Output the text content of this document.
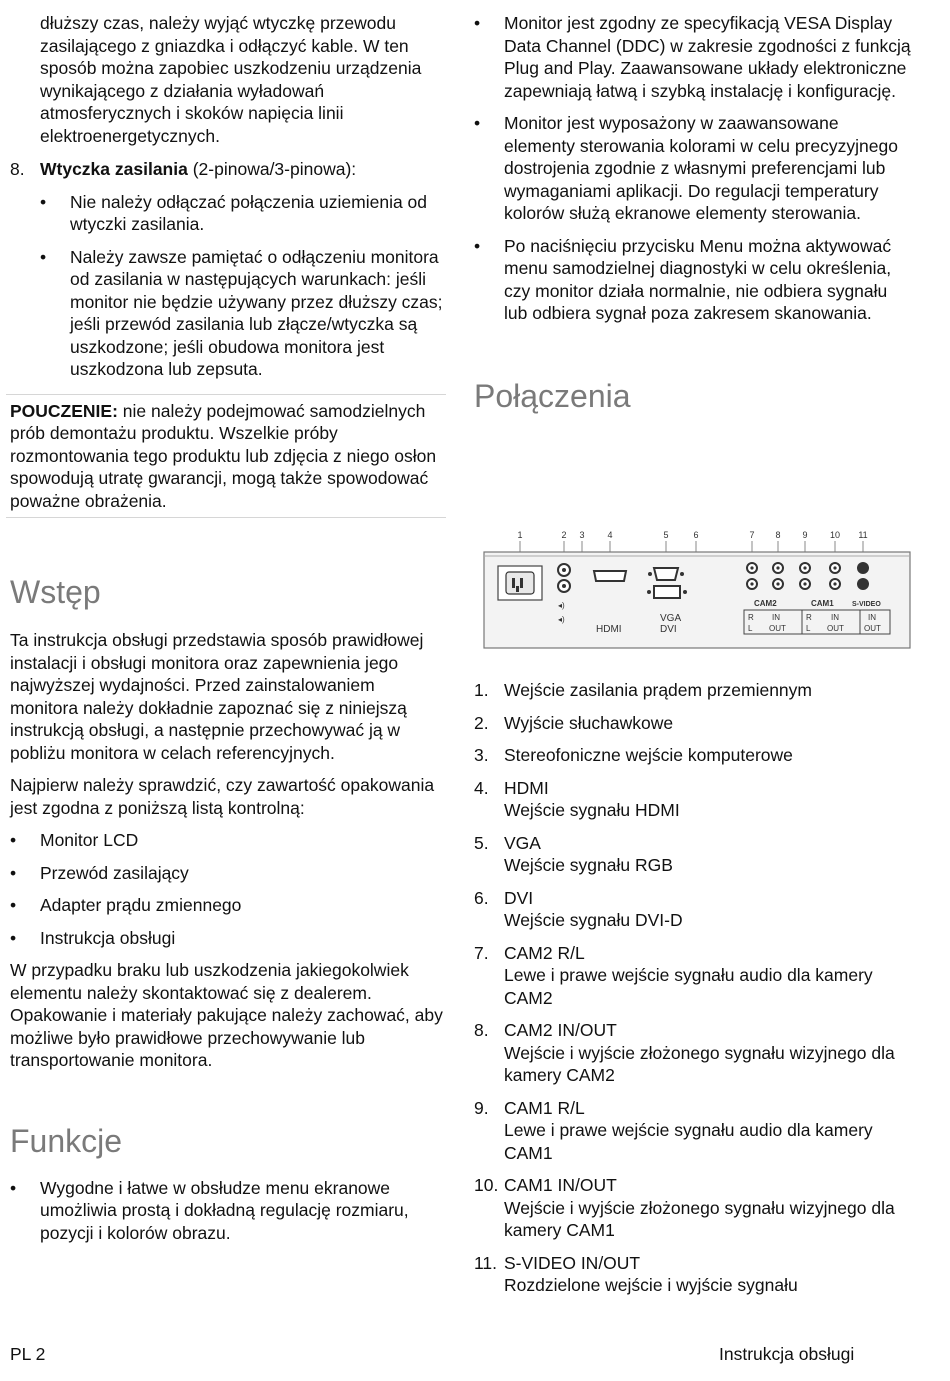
dłuższy czas, należy wyjąć wtyczkę przewodu zasilającego z gniazdka i odłączyć kable. W ten sposób można zapobiec uszkodzeniu urządzenia wynikającego z działania wyładowań atmosferycznych i skoków napięcia linii elektroenergetycznych.

8. Wtyczka zasilania (2-pinowa/3-pinowa):

• Nie należy odłączać połączenia uziemienia od wtyczki zasilania.

• Należy zawsze pamiętać o odłączeniu monitora od zasilania w następujących warunkach: jeśli monitor nie będzie używany przez dłuższy czas; jeśli przewód zasilania lub złącze/wtyczka są uszkodzone; jeśli obudowa monitora jest uszkodzona lub zepsuta.

POUCZENIE: nie należy podejmować samodzielnych prób demontażu produktu. Wszelkie próby rozmontowania tego produktu lub zdjęcia z niego osłon spowodują utratę gwarancji, mogą także spowodować poważne obrażenia.

Wstęp

Ta instrukcja obsługi przedstawia sposób prawidłowej instalacji i obsługi monitora oraz zapewnienia jego najwyższej wydajności. Przed zainstalowaniem monitora należy dokładnie zapoznać się z niniejszą instrukcją obsługi, a następnie przechowywać ją w pobliżu monitora w celach referencyjnych.

Najpierw należy sprawdzić, czy zawartość opakowania jest zgodna z poniższą listą kontrolną:

• Monitor LCD

• Przewód zasilający

• Adapter prądu zmiennego

• Instrukcja obsługi

W przypadku braku lub uszkodzenia jakiegokolwiek elementu należy skontaktować się z dealerem. Opakowanie i materiały pakujące należy zachować, aby możliwe było prawidłowe przechowywanie lub transportowanie monitora.

Funkcje
• Wygodne i łatwe w obsłudze menu ekranowe umożliwia prostą i dokładną regulację rozmiaru, pozycji i kolorów obrazu.

• Monitor jest zgodny ze specyfikacją VESA Display Data Channel (DDC) w zakresie zgodności z funkcją Plug and Play. Zaawansowane układy elektroniczne zapewniają łatwą i szybką instalację i konfigurację.

• Monitor jest wyposażony w zaawansowane elementy sterowania kolorami w celu precyzyjnego dostrojenia zgodnie z własnymi preferencjami lub wymaganiami aplikacji. Do regulacji temperatury kolorów służą ekranowe elementy sterowania.

• Po naciśnięciu przycisku Menu można aktywować menu samodzielnej diagnostyki w celu określenia, czy monitor działa normalnie, nie odbiera sygnału lub odbiera sygnał poza zakresem skanowania.

Połączenia
◂)
◂)
HDMI
VGA
DVI
CAM2	CAM1	S-VIDEO
R
L
IN
OUT
R
L
IN
OUT
IN
OUT
1	2 3	4	5	6	7 8 9 10 11
1. Wejście zasilania prądem przemiennym

2. Wyjście słuchawkowe

3. Stereofoniczne wejście komputerowe

4. HDMI

Wejście sygnału HDMI

5. VGA

Wejście sygnału RGB

6. DVI

Wejście sygnału DVI-D

7. CAM2 R/L

Lewe i prawe wejście sygnału audio dla kamery CAM2

8. CAM2 IN/OUT

Wejście i wyjście złożonego sygnału wizyjnego dla kamery CAM2

9. CAM1 R/L

Lewe i prawe wejście sygnału audio dla kamery CAM1

10. CAM1 IN/OUT

Wejście i wyjście złożonego sygnału wizyjnego dla kamery CAM1

11. S-VIDEO IN/OUT

Rozdzielone wejście i wyjście sygnału

PL 2	Instrukcja obsługi
